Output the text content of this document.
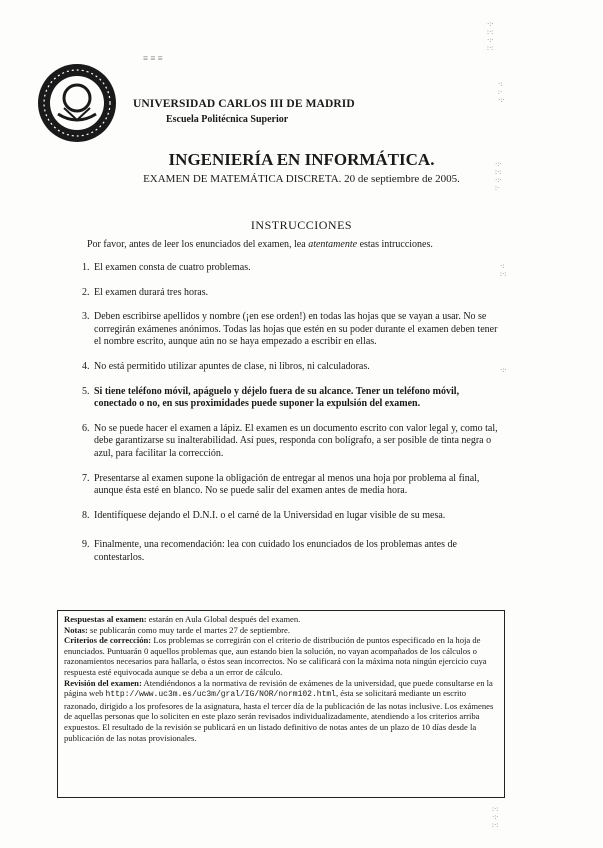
≡ ≡ ≡
·:·
:·:
·:·
:·:
·:
:·
·:·
·:·
:·:
·:·
:·
·:
:·:
·:·
:·:
·:·
:·:
UNIVERSIDAD CARLOS III DE MADRID
Escuela Politécnica Superior
INGENIERÍA EN INFORMÁTICA.
EXAMEN DE MATEMÁTICA DISCRETA. 20 de septiembre de 2005.
INSTRUCCIONES
Por favor, antes de leer los enunciados del examen, lea atentamente estas intrucciones.
1. El examen consta de cuatro problemas.
2. El examen durará tres horas.
3. Deben escribirse apellidos y nombre (¡en ese orden!) en todas las hojas que se vayan a usar. No se corregirán exámenes anónimos. Todas las hojas que estén en su poder durante el examen deben tener el nombre escrito, aunque aún no se haya empezado a escribir en ellas.
4. No está permitido utilizar apuntes de clase, ni libros, ni calculadoras.
5. Si tiene teléfono móvil, apáguelo y déjelo fuera de su alcance. Tener un teléfono móvil, conectado o no, en sus proximidades puede suponer la expulsión del examen.
6. No se puede hacer el examen a lápiz. El examen es un documento escrito con valor legal y, como tal, debe garantizarse su inalterabilidad. Así pues, responda con bolígrafo, a ser posible de tinta negra o azul, para facilitar la corrección.
7. Presentarse al examen supone la obligación de entregar al menos una hoja por problema al final, aunque ésta esté en blanco. No se puede salir del examen antes de media hora.
8. Identifíquese dejando el D.N.I. o el carné de la Universidad en lugar visible de su mesa.
9. Finalmente, una recomendación: lea con cuidado los enunciados de los problemas antes de contestarlos.

Respuestas al examen: estarán en Aula Global después del examen.

Notas: se publicarán como muy tarde el martes 27 de septiembre.

Criterios de corrección: Los problemas se corregirán con el criterio de distribución de puntos especificado en la hoja de enunciados. Puntuarán 0 aquellos problemas que, aun estando bien la solución, no vayan acompañados de los cálculos o razonamientos necesarios para hallarla, o éstos sean incorrectos. No se calificará con la máxima nota ningún ejercicio cuya respuesta esté equivocada aunque se deba a un error de cálculo.

Revisión del examen: Atendiéndonos a la normativa de revisión de exámenes de la universidad, que puede consultarse en la página web http://www.uc3m.es/uc3m/gral/IG/NOR/norm102.html, ésta se solicitará mediante un escrito razonado, dirigido a los profesores de la asignatura, hasta el tercer día de la publicación de las notas inclusive. Los exámenes de aquellas personas que lo soliciten en este plazo serán revisados individualizadamente, atendiendo a los criterios arriba expuestos. El resultado de la revisión se publicará en un listado definitivo de notas antes de un plazo de 10 días desde la publicación de las notas provisionales.
